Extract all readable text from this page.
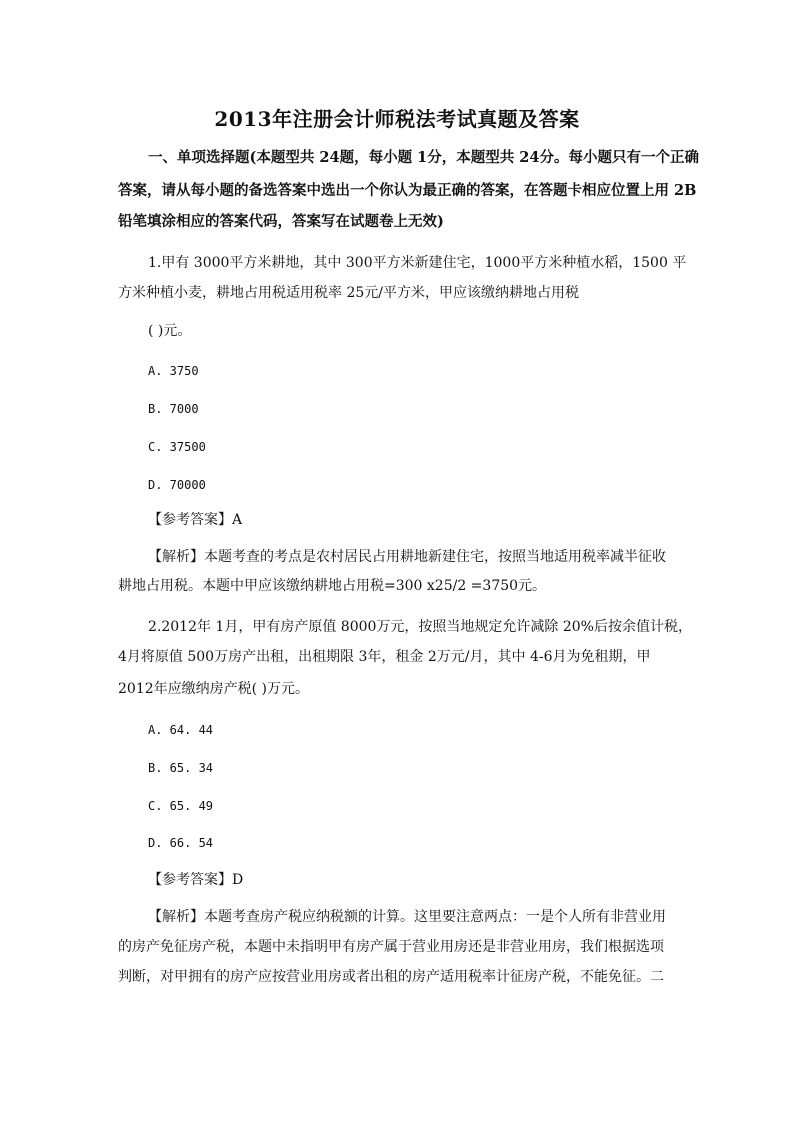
2013年注册会计师税法考试真题及答案
一、单项选择题(本题型共 24题，每小题 1分，本题型共 24分。每小题只有一个正确
答案，请从每小题的备选答案中选出一个你认为最正确的答案，在答题卡相应位置上用 2B
铅笔填涂相应的答案代码，答案写在试题卷上无效)
1.甲有 3000平方米耕地，其中 300平方米新建住宅，1000平方米种植水稻，1500 平
方米种植小麦，耕地占用税适用税率 25元/平方米，甲应该缴纳耕地占用税
( )元。
A. 3750
B. 7000
C. 37500
D. 70000
【参考答案】A
【解析】本题考查的考点是农村居民占用耕地新建住宅，按照当地适用税率减半征收
耕地占用税。本题中甲应该缴纳耕地占用税=300 x25/2 =3750元。
2.2012年 1月，甲有房产原值 8000万元，按照当地规定允许减除 20%后按余值计税，
4月将原值 500万房产出租，出租期限 3年，租金 2万元/月，其中 4-6月为免租期，甲
2012年应缴纳房产税( )万元。
A. 64. 44
B. 65. 34
C. 65. 49
D. 66. 54
【参考答案】D
【解析】本题考查房产税应纳税额的计算。这里要注意两点：一是个人所有非营业用
的房产免征房产税，本题中未指明甲有房产属于营业用房还是非营业用房，我们根据选项
判断，对甲拥有的房产应按营业用房或者出租的房产适用税率计征房产税，不能免征。二
